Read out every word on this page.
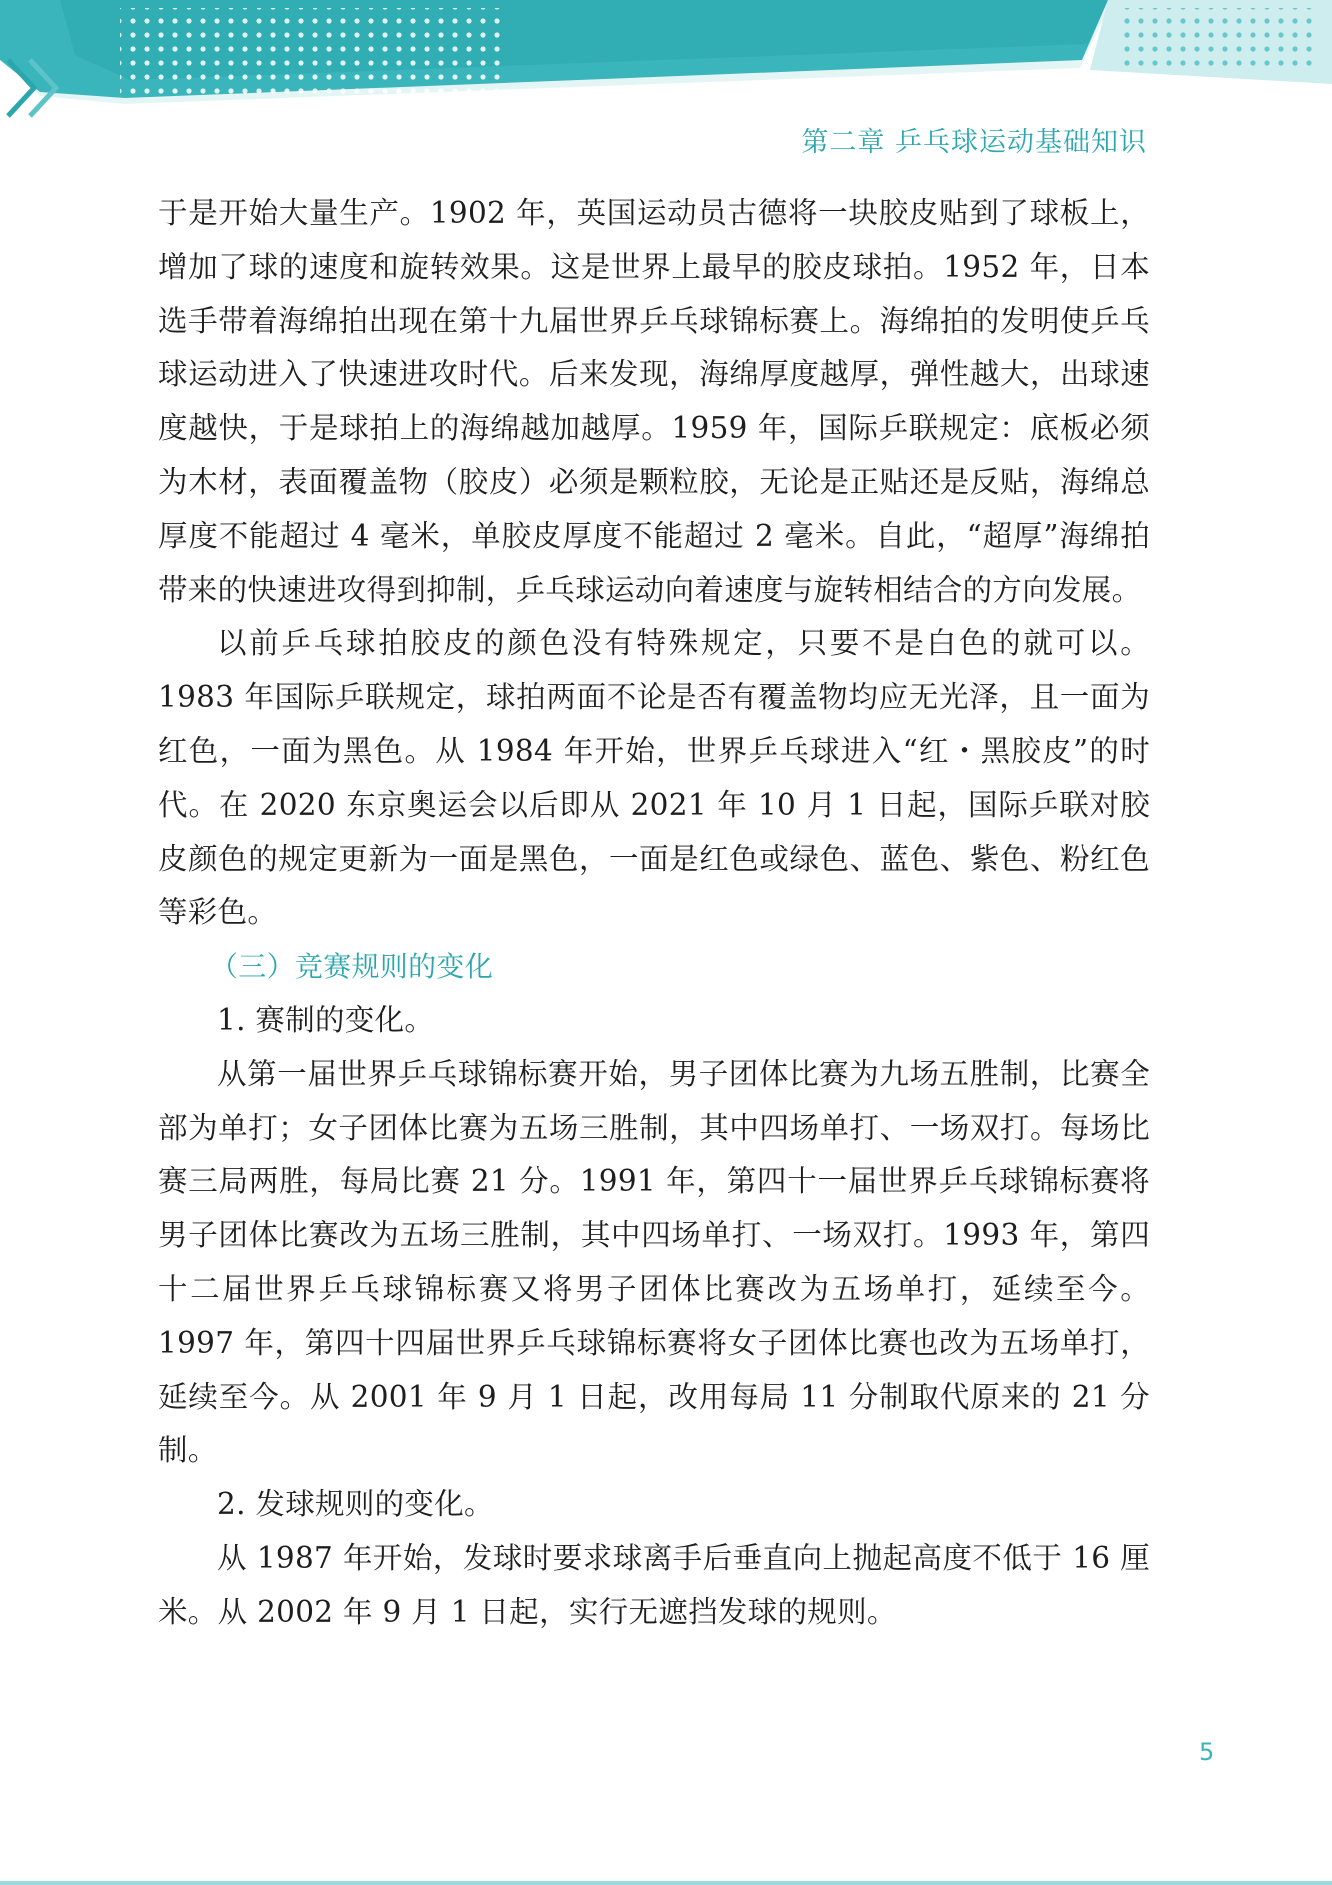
第二章 乒乓球运动基础知识

于是开始大量生产。1902 年，英国运动员古德将一块胶皮贴到了球板上，增加了球的速度和旋转效果。这是世界上最早的胶皮球拍。1952 年，日本选手带着海绵拍出现在第十九届世界乒乓球锦标赛上。海绵拍的发明使乒乓球运动进入了快速进攻时代。后来发现，海绵厚度越厚，弹性越大，出球速度越快，于是球拍上的海绵越加越厚。1959 年，国际乒联规定：底板必须为木材，表面覆盖物（胶皮）必须是颗粒胶，无论是正贴还是反贴，海绵总厚度不能超过 4 毫米，单胶皮厚度不能超过 2 毫米。自此，“超厚”海绵拍带来的快速进攻得到抑制，乒乓球运动向着速度与旋转相结合的方向发展。

以前乒乓球拍胶皮的颜色没有特殊规定，只要不是白色的就可以。1983 年国际乒联规定，球拍两面不论是否有覆盖物均应无光泽，且一面为红色，一面为黑色。从 1984 年开始，世界乒乓球进入“红・黑胶皮”的时代。在 2020 东京奥运会以后即从 2021 年 10 月 1 日起，国际乒联对胶皮颜色的规定更新为一面是黑色，一面是红色或绿色、蓝色、紫色、粉红色等彩色。

（三）竞赛规则的变化

1. 赛制的变化。

从第一届世界乒乓球锦标赛开始，男子团体比赛为九场五胜制，比赛全部为单打；女子团体比赛为五场三胜制，其中四场单打、一场双打。每场比赛三局两胜，每局比赛 21 分。1991 年，第四十一届世界乒乓球锦标赛将男子团体比赛改为五场三胜制，其中四场单打、一场双打。1993 年，第四十二届世界乒乓球锦标赛又将男子团体比赛改为五场单打，延续至今。1997 年，第四十四届世界乒乓球锦标赛将女子团体比赛也改为五场单打，延续至今。从 2001 年 9 月 1 日起，改用每局 11 分制取代原来的 21 分制。

2. 发球规则的变化。

从 1987 年开始，发球时要求球离手后垂直向上抛起高度不低于 16 厘米。从 2002 年 9 月 1 日起，实行无遮挡发球的规则。

5
